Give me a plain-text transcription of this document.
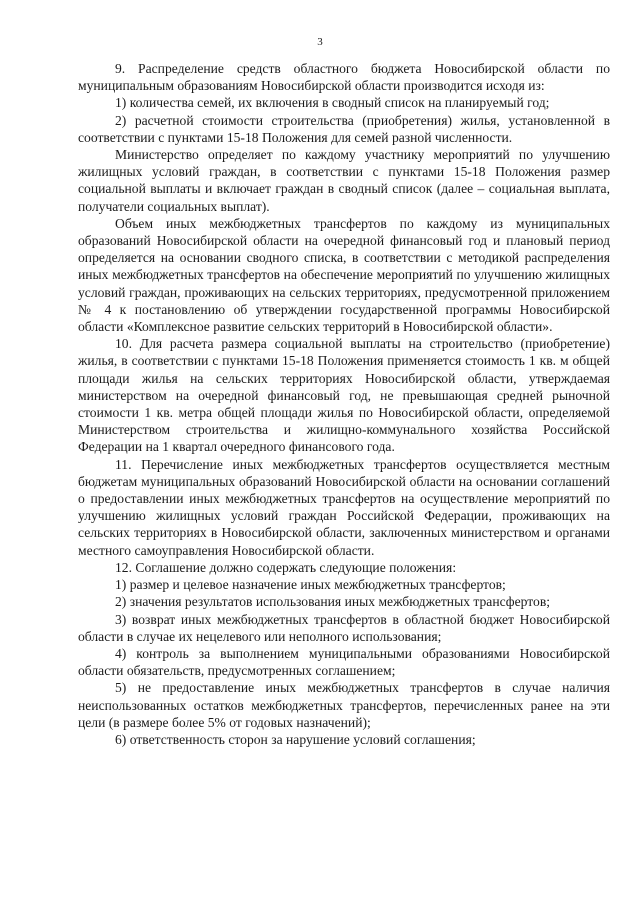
3

9. Распределение средств областного бюджета Новосибирской области по муниципальным образованиям Новосибирской области производится исходя из:

1) количества семей, их включения в сводный список на планируемый год;

2) расчетной стоимости строительства (приобретения) жилья, установленной в соответствии с пунктами 15-18 Положения для семей разной численности.

Министерство определяет по каждому участнику мероприятий по улучшению жилищных условий граждан, в соответствии с пунктами 15-18 Положения размер социальной выплаты и включает граждан в сводный список (далее – социальная выплата, получатели социальных выплат).

Объем иных межбюджетных трансфертов по каждому из муниципальных образований Новосибирской области на очередной финансовый год и плановый период определяется на основании сводного списка, в соответствии с методикой распределения иных межбюджетных трансфертов на обеспечение мероприятий по улучшению жилищных условий граждан, проживающих на сельских территориях, предусмотренной приложением № 4 к постановлению об утверждении государственной программы Новосибирской области «Комплексное развитие сельских территорий в Новосибирской области».

10. Для расчета размера социальной выплаты на строительство (приобретение) жилья, в соответствии с пунктами 15-18 Положения применяется стоимость 1 кв. м общей площади жилья на сельских территориях Новосибирской области, утверждаемая министерством на очередной финансовый год, не превышающая средней рыночной стоимости 1 кв. метра общей площади жилья по Новосибирской области, определяемой Министерством строительства и жилищно-коммунального хозяйства Российской Федерации на 1 квартал очередного финансового года.

11. Перечисление иных межбюджетных трансфертов осуществляется местным бюджетам муниципальных образований Новосибирской области на основании соглашений о предоставлении иных межбюджетных трансфертов на осуществление мероприятий по улучшению жилищных условий граждан Российской Федерации, проживающих на сельских территориях в Новосибирской области, заключенных министерством и органами местного самоуправления Новосибирской области.

12. Соглашение должно содержать следующие положения:

1) размер и целевое назначение иных межбюджетных трансфертов;

2) значения результатов использования иных межбюджетных трансфертов;

3) возврат иных межбюджетных трансфертов в областной бюджет Новосибирской области в случае их нецелевого или неполного использования;

4) контроль за выполнением муниципальными образованиями Новосибирской области обязательств, предусмотренных соглашением;

5) не предоставление иных межбюджетных трансфертов в случае наличия неиспользованных остатков межбюджетных трансфертов, перечисленных ранее на эти цели (в размере более 5% от годовых назначений);

6) ответственность сторон за нарушение условий соглашения;
